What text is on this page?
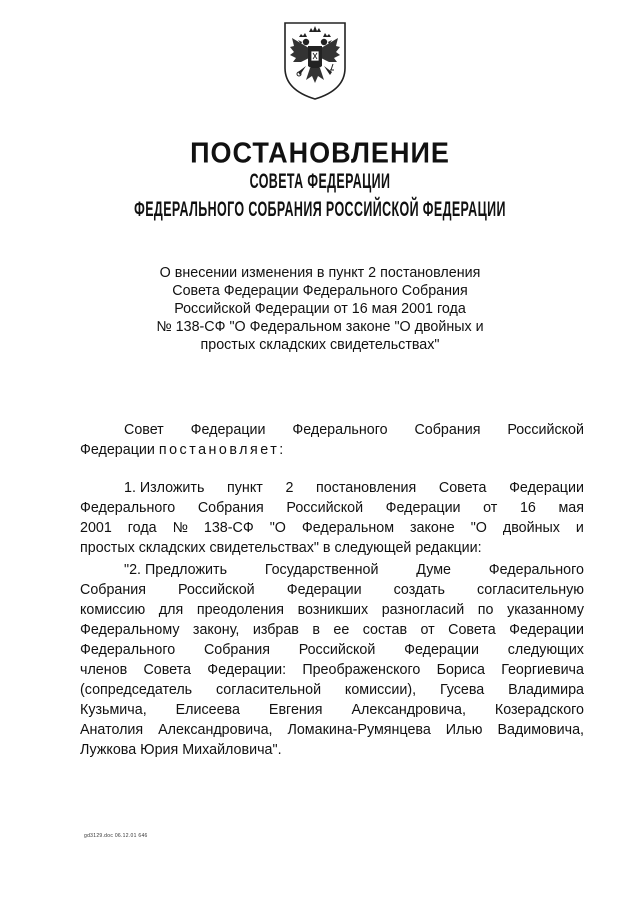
ПОСТАНОВЛЕНИЕ
СОВЕТА ФЕДЕРАЦИИ
ФЕДЕРАЛЬНОГО СОБРАНИЯ РОССИЙСКОЙ ФЕДЕРАЦИИ
О внесении изменения в пункт 2 постановления
Совета Федерации Федерального Собрания
Российской Федерации от 16 мая 2001 года
№ 138-СФ "О Федеральном законе "О двойных и
простых складских свидетельствах"
Совет Федерации Федерального Собрания Российской
Федерации постановляет:
1. Изложить пункт 2 постановления Совета Федерации
Федерального Собрания Российской Федерации от 16 мая
2001 года № 138-СФ "О Федеральном законе "О двойных и
простых складских свидетельствах" в следующей редакции:
"2. Предложить	Государственной	Думе	Федерального
Собрания Российской Федерации создать согласительную
комиссию для преодоления возникших разногласий по указанному
Федеральному закону, избрав в ее состав от Совета Федерации
Федерального Собрания Российской Федерации следующих
членов Совета Федерации: Преображенского Бориса Георгиевича
(сопредседатель согласительной комиссии), Гусева Владимира
Кузьмича, Елисеева Евгения Александровича, Козерадского
Анатолия Александровича, Ломакина-Румянцева Илью Вадимовича,
Лужкова Юрия Михайловича".
gd3129.doc 06.12.01 646
